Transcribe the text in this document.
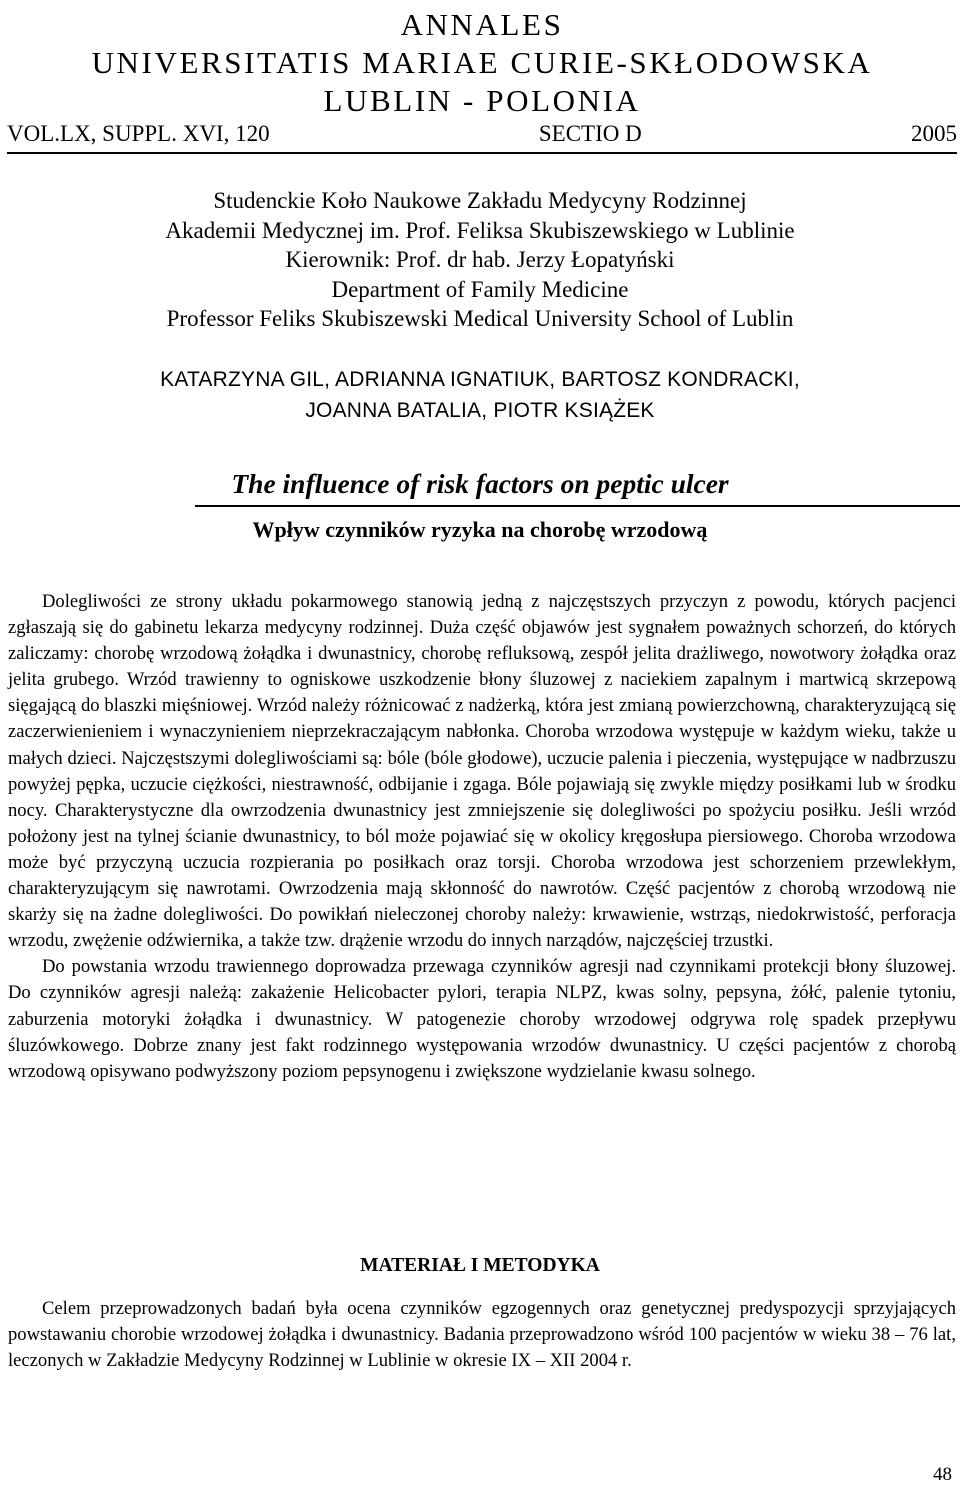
ANNALES
UNIVERSITATIS MARIAE CURIE-SKŁODOWSKA
LUBLIN - POLONIA
VOL.LX, SUPPL. XVI, 120	SECTIO D	2005
Studenckie Koło Naukowe Zakładu Medycyny Rodzinnej
Akademii Medycznej im. Prof. Feliksa Skubiszewskiego w Lublinie
Kierownik: Prof. dr hab. Jerzy Łopatyński
Department of Family Medicine
Professor Feliks Skubiszewski Medical University School of Lublin
KATARZYNA GIL, ADRIANNA IGNATIUK, BARTOSZ KONDRACKI,
JOANNA BATALIA, PIOTR KSIĄŻEK
The influence of risk factors on peptic ulcer
Wpływ czynników ryzyka na chorobę wrzodową

Dolegliwości ze strony układu pokarmowego stanowią jedną z najczęstszych przyczyn z powodu, których pacjenci zgłaszają się do gabinetu lekarza medycyny rodzinnej. Duża część objawów jest sygnałem poważnych schorzeń, do których zaliczamy: chorobę wrzodową żołądka i dwunastnicy, chorobę refluksową, zespół jelita drażliwego, nowotwory żołądka oraz jelita grubego. Wrzód trawienny to ogniskowe uszkodzenie błony śluzowej z naciekiem zapalnym i martwicą skrzepową sięgającą do blaszki mięśniowej. Wrzód należy różnicować z nadżerką, która jest zmianą powierzchowną, charakteryzującą się zaczerwienieniem i wynaczynieniem nieprzekraczającym nabłonka. Choroba wrzodowa występuje w każdym wieku, także u małych dzieci. Najczęstszymi dolegliwościami są: bóle (bóle głodowe), uczucie palenia i pieczenia, występujące w nadbrzuszu powyżej pępka, uczucie ciężkości, niestrawność, odbijanie i zgaga. Bóle pojawiają się zwykle między posiłkami lub w środku nocy. Charakterystyczne dla owrzodzenia dwunastnicy jest zmniejszenie się dolegliwości po spożyciu posiłku. Jeśli wrzód położony jest na tylnej ścianie dwunastnicy, to ból może pojawiać się w okolicy kręgosłupa piersiowego. Choroba wrzodowa może być przyczyną uczucia rozpierania po posiłkach oraz torsji. Choroba wrzodowa jest schorzeniem przewlekłym, charakteryzującym się nawrotami. Owrzodzenia mają skłonność do nawrotów. Część pacjentów z chorobą wrzodową nie skarży się na żadne dolegliwości. Do powikłań nieleczonej choroby należy: krwawienie, wstrząs, niedokrwistość, perforacja wrzodu, zwężenie odźwiernika, a także tzw. drążenie wrzodu do innych narządów, najczęściej trzustki.

Do powstania wrzodu trawiennego doprowadza przewaga czynników agresji nad czynnikami protekcji błony śluzowej. Do czynników agresji należą: zakażenie Helicobacter pylori, terapia NLPZ, kwas solny, pepsyna, żółć, palenie tytoniu, zaburzenia motoryki żołądka i dwunastnicy. W patogenezie choroby wrzodowej odgrywa rolę spadek przepływu śluzówkowego. Dobrze znany jest fakt rodzinnego występowania wrzodów dwunastnicy. U części pacjentów z chorobą wrzodową opisywano podwyższony poziom pepsynogenu i zwiększone wydzielanie kwasu solnego.

MATERIAŁ I METODYKA

Celem przeprowadzonych badań była ocena czynników egzogennych oraz genetycznej predyspozycji sprzyjających powstawaniu chorobie wrzodowej żołądka i dwunastnicy. Badania przeprowadzono wśród 100 pacjentów w wieku 38 – 76 lat, leczonych w Zakładzie Medycyny Rodzinnej w Lublinie w okresie IX – XII 2004 r.

48
